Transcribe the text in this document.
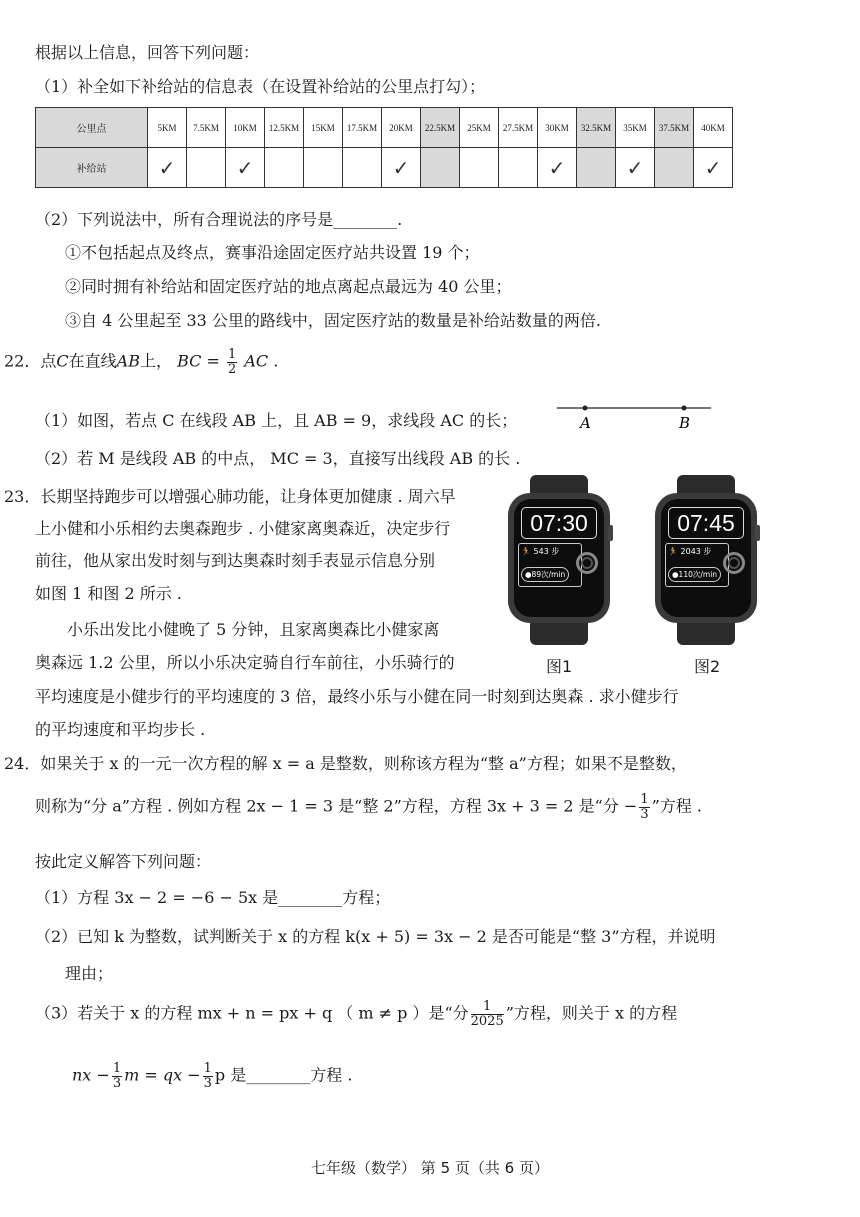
根据以上信息，回答下列问题：
（1）补全如下补给站的信息表（在设置补给站的公里点打勾）；
公里点	5KM	7.5KM	10KM	12.5KM	15KM	17.5KM	20KM	22.5KM	25KM	27.5KM	30KM	32.5KM	35KM	37.5KM	40KM
补给站	✓		✓				✓				✓		✓		✓
（2）下列说法中，所有合理说法的序号是________.
①不包括起点及终点，赛事沿途固定医疗站共设置 19 个；
②同时拥有补给站和固定医疗站的地点离起点最远为 40 公里；
③自 4 公里起至 33 公里的路线中，固定医疗站的数量是补给站数量的两倍.
22．点C在直线AB上， BC = $\frac{1}{2}$ AC .
（1）如图，若点 C 在线段 AB 上，且 AB = 9，求线段 AC 的长；
（2）若 M 是线段 AB 的中点， MC = 3，直接写出线段 AB 的长 .
A	B
23．长期坚持跑步可以增强心肺功能，让身体更加健康 . 周六早
上小健和小乐相约去奥森跑步 . 小健家离奥森近，决定步行
前往，他从家出发时刻与到达奥森时刻手表显示信息分别
如图 1 和图 2 所示 .
小乐出发比小健晚了 5 分钟，且家离奥森比小健家离
奥森远 1.2 公里，所以小乐决定骑自行车前往，小乐骑行的
平均速度是小健步行的平均速度的 3 倍，最终小乐与小健在同一时刻到达奥森 . 求小健步行
的平均速度和平均步长 .
07:30
🏃 543 步
●89次/min
图1
07:45
🏃 2043 步
●110次/min
图2
24．如果关于 x 的一元一次方程的解 x = a 是整数，则称该方程为“整 a”方程；如果不是整数，
则称为“分 a”方程 . 例如方程 2x − 1 = 3 是“整 2”方程，方程 3x + 3 = 2 是“分 − $\frac{1}{3}$ ”方程 .
按此定义解答下列问题：
（1）方程 3x − 2 = −6 − 5x 是________方程；
（2）已知 k 为整数，试判断关于 x 的方程 k(x + 5) = 3x − 2 是否可能是“整 3”方程，并说明
理由；
（3）若关于 x 的方程 mx + n = px + q （ m ≠ p ）是“分 $\frac{1}{2025}$ ”方程，则关于 x 的方程
nx − $\frac{1}{3}$ m = qx − $\frac{1}{3}$ p 是________方程 .
七年级（数学） 第 5 页（共 6 页）
